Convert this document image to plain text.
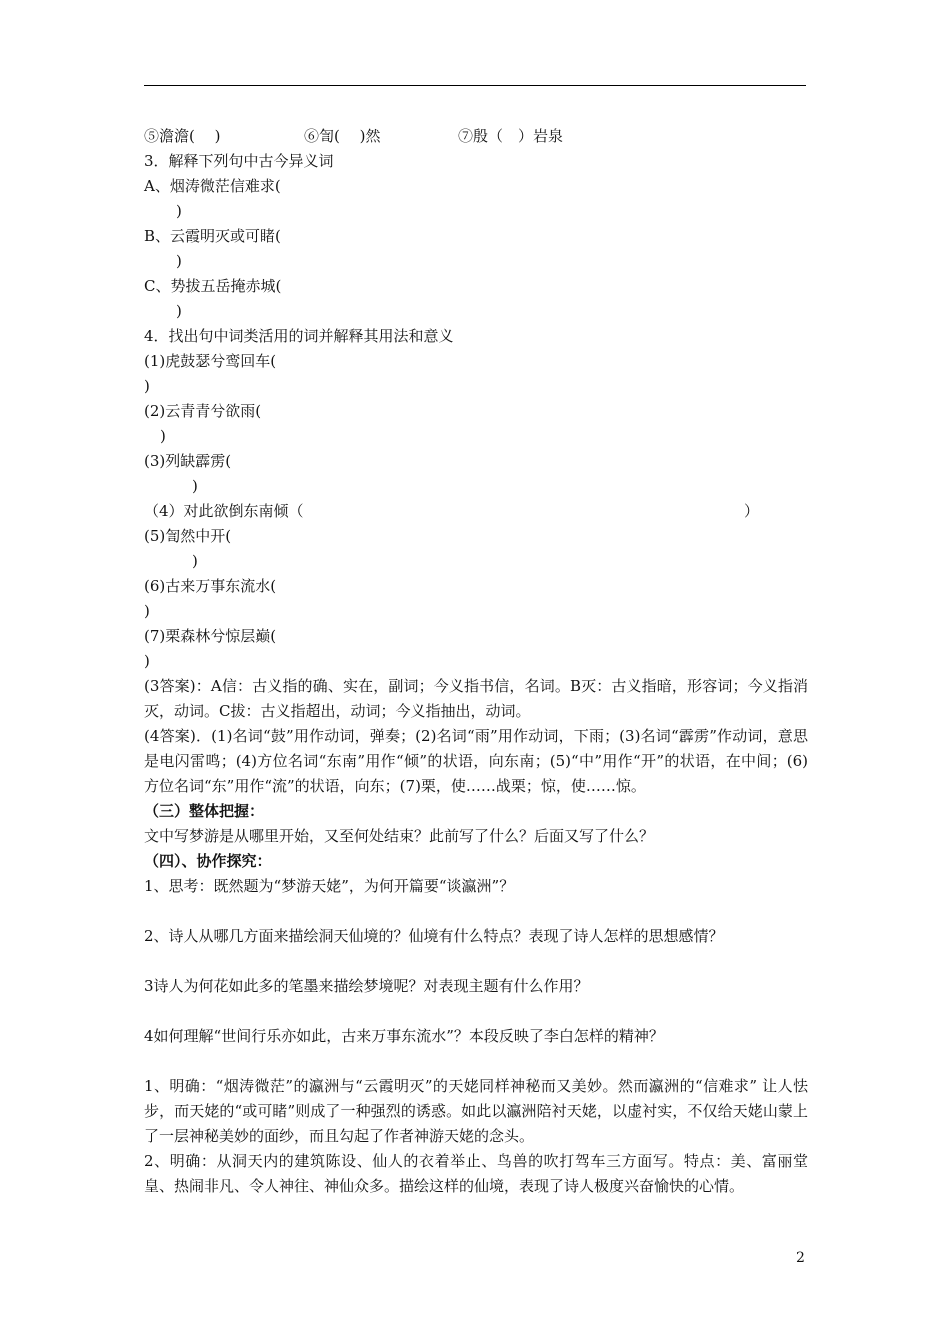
⑤澹澹(　 )	⑥訇(　 )然	⑦殷（　）岩泉
3．解释下列句中古今异义词
A、烟涛微茫信难求(
)
B、云霞明灭或可睹(
)
C、势拔五岳掩赤城(
)
4．找出句中词类活用的词并解释其用法和意义
(1)虎鼓瑟兮鸾回车(
)
(2)云青青兮欲雨(
)
(3)列缺霹雳(
)
（4）对此欲倒东南倾（	）
(5)訇然中开(
)
(6)古来万事东流水(
)
(7)栗森林兮惊层巅(
)
(3答案)：A信：古义指的确、实在，副词；今义指书信，名词。B灭：古义指暗，形容词；今义指消灭，动词。C拔：古义指超出，动词；今义指抽出，动词。
(4答案)．(1)名词“鼓”用作动词，弹奏；(2)名词“雨”用作动词，下雨；(3)名词“霹雳”作动词，意思是电闪雷鸣；(4)方位名词“东南”用作“倾”的状语，向东南；(5)“中”用作“开”的状语，在中间；(6)方位名词“东”用作“流”的状语，向东；(7)栗，使……战栗；惊，使……惊。
（三）整体把握：
文中写梦游是从哪里开始，又至何处结束？此前写了什么？后面又写了什么？
（四）、协作探究：
1、思考：既然题为“梦游天姥”，为何开篇要“谈瀛洲”？
2、诗人从哪几方面来描绘洞天仙境的？仙境有什么特点？表现了诗人怎样的思想感情？
3诗人为何花如此多的笔墨来描绘梦境呢？对表现主题有什么作用？
4如何理解“世间行乐亦如此，古来万事东流水”？本段反映了李白怎样的精神？
1、明确：“烟涛微茫”的瀛洲与“云霞明灭”的天姥同样神秘而又美妙。然而瀛洲的“信难求” 让人怯步，而天姥的“或可睹”则成了一种强烈的诱惑。如此以瀛洲陪衬天姥，以虚衬实，不仅给天姥山蒙上了一层神秘美妙的面纱，而且勾起了作者神游天姥的念头。
2、明确：从洞天内的建筑陈设、仙人的衣着举止、鸟兽的吹打驾车三方面写。特点：美、富丽堂皇、热闹非凡、令人神往、神仙众多。描绘这样的仙境，表现了诗人极度兴奋愉快的心情。
2
